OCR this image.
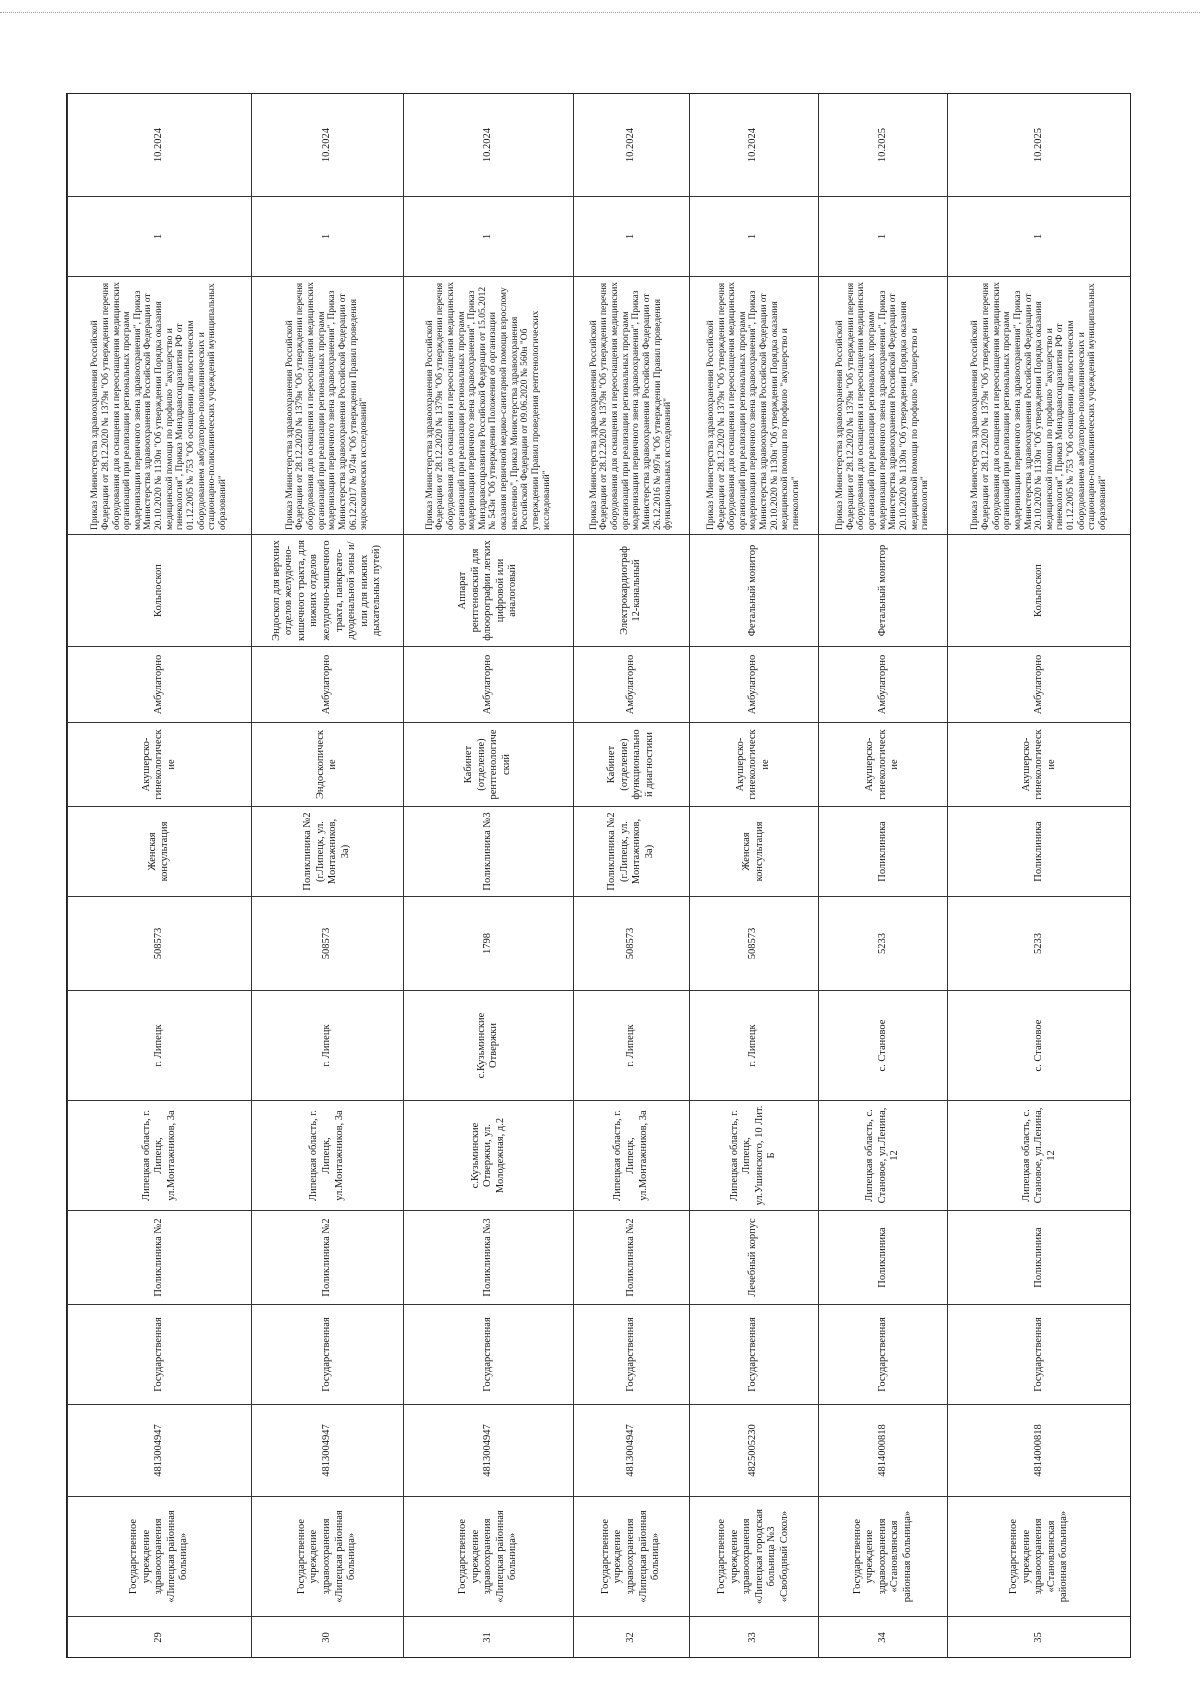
29	Государственное учреждение здравоохранения «Липецкая районная больница»	4813004947	Государственная	Поликлиника №2	Липецкая область, г. Липецк, ул.Монтажников, 3а	г. Липецк	508573	Женская консультация	Акушерско-гинекологическ ие	Амбулаторно	Кольпоскоп	Приказ Министерства здравоохранения Российской Федерации от 28.12.2020 № 1379н "Об утверждении перечня оборудования для оснащения и переоснащения медицинских организаций при реализации региональных программ модернизации первичного звена здравоохранения", Приказ Министерства здравоохранения Российской Федерации от 20.10.2020 № 1130н "Об утверждении Порядка оказания медицинской помощи по профилю "акушерство и гинекология", Приказ Минздравсоцразвития РФ от 01.12.2005 № 753 "Об оснащении диагностическим оборудованием амбулаторно-поликлинических и стационарно-поликлинических учреждений муниципальных образований"	1	10.2024
30	Государственное учреждение здравоохранения «Липецкая районная больница»	4813004947	Государственная	Поликлиника №2	Липецкая область, г. Липецк, ул.Монтажников, 3а	г. Липецк	508573	Поликлиника №2 (г.Липецк, ул. Монтажников, 3а)	Эндоскопическ ие	Амбулаторно	Эндоскоп для верхних отделов желудочно-кишечного тракта, для нижних отделов желудочно-кишечного тракта, панкреато-дуоденальной зоны и/или для нижних дыхательных путей)	Приказ Министерства здравоохранения Российской Федерации от 28.12.2020 № 1379н "Об утверждении перечня оборудования для оснащения и переоснащения медицинских организаций при реализации региональных программ модернизации первичного звена здравоохранения", Приказ Министерства здравоохранения Российской Федерации от 06.12.2017 № 974н "Об утверждении Правил проведения эндоскопических исследований"	1	10.2024
31	Государственное учреждение здравоохранения «Липецкая районная больница»	4813004947	Государственная	Поликлиника №3	с.Кузьминские Отвержки, ул. Молодежная, д.2	с.Кузьминские Отвержки	1798	Поликлиника №3	Кабинет (отделение) рентгенологиче ский	Амбулаторно	Аппарат рентгеновский для флюорографии легких цифровой или аналоговый	Приказ Министерства здравоохранения Российской Федерации от 28.12.2020 № 1379н "Об утверждении перечня оборудования для оснащения и переоснащения медицинских организаций при реализации региональных программ модернизации первичного звена здравоохранения", Приказ Минздравсоцразвития Российской Федерации от 15.05.2012 № 543н "Об утверждении Положения об организации оказания первичной медико-санитарной помощи взрослому населению", Приказ Министерства здравоохранения Российской Федерации от 09.06.2020 № 560н "Об утверждении Правил проведения рентгенологических исследований"	1	10.2024
32	Государственное учреждение здравоохранения «Липецкая районная больница»	4813004947	Государственная	Поликлиника №2	Липецкая область, г. Липецк, ул.Монтажников, 3а	г. Липецк	508573	Поликлиника №2 (г.Липецк, ул. Монтажников, 3а)	Кабинет (отделение) функционально й диагностики	Амбулаторно	Электрокардиограф 12-канальный	Приказ Министерства здравоохранения Российской Федерации от 28.12.2020 № 1379н "Об утверждении перечня оборудования для оснащения и переоснащения медицинских организаций при реализации региональных программ модернизации первичного звена здравоохранения", Приказ Министерства здравоохранения Российской Федерации от 26.12.2016 № 997н "Об утверждении Правил проведения функциональных исследований"	1	10.2024
33	Государственное учреждение здравоохранения «Липецкая городская больница №3 «Свободный Сокол»	4825005230	Государственная	Лечебный корпус	Липецкая область, г. Липецк, ул.Ушинского, 10 Лит. Б	г. Липецк	508573	Женская консультация	Акушерско-гинекологическ ие	Амбулаторно	Фетальный монитор	Приказ Министерства здравоохранения Российской Федерации от 28.12.2020 № 1379н "Об утверждении перечня оборудования для оснащения и переоснащения медицинских организаций при реализации региональных программ модернизации первичного звена здравоохранения", Приказ Министерства здравоохранения Российской Федерации от 20.10.2020 № 1130н "Об утверждении Порядка оказания медицинской помощи по профилю "акушерство и гинекология"	1	10.2024
34	Государственное учреждение здравоохранения «Становлянская районная больница»	4814000818	Государственная	Поликлиника	Липецкая область, с. Становое, ул.Ленина, 12	с. Становое	5233	Поликлиника	Акушерско-гинекологическ ие	Амбулаторно	Фетальный монитор	Приказ Министерства здравоохранения Российской Федерации от 28.12.2020 № 1379н "Об утверждении перечня оборудования для оснащения и переоснащения медицинских организаций при реализации региональных программ модернизации первичного звена здравоохранения", Приказ Министерства здравоохранения Российской Федерации от 20.10.2020 № 1130н "Об утверждении Порядка оказания медицинской помощи по профилю "акушерство и гинекология"	1	10.2025
35	Государственное учреждение здравоохранения «Становлянская районная больница»	4814000818	Государственная	Поликлиника	Липецкая область, с. Становое, ул.Ленина, 12	с. Становое	5233	Поликлиника	Акушерско-гинекологическ ие	Амбулаторно	Кольпоскоп	Приказ Министерства здравоохранения Российской Федерации от 28.12.2020 № 1379н "Об утверждении перечня оборудования для оснащения и переоснащения медицинских организаций при реализации региональных программ модернизации первичного звена здравоохранения", Приказ Министерства здравоохранения Российской Федерации от 20.10.2020 № 1130н "Об утверждении Порядка оказания медицинской помощи по профилю "акушерство и гинекология", Приказ Минздравсоцразвития РФ от 01.12.2005 № 753 "Об оснащении диагностическим оборудованием амбулаторно-поликлинических и стационарно-поликлинических учреждений муниципальных образований"	1	10.2025
